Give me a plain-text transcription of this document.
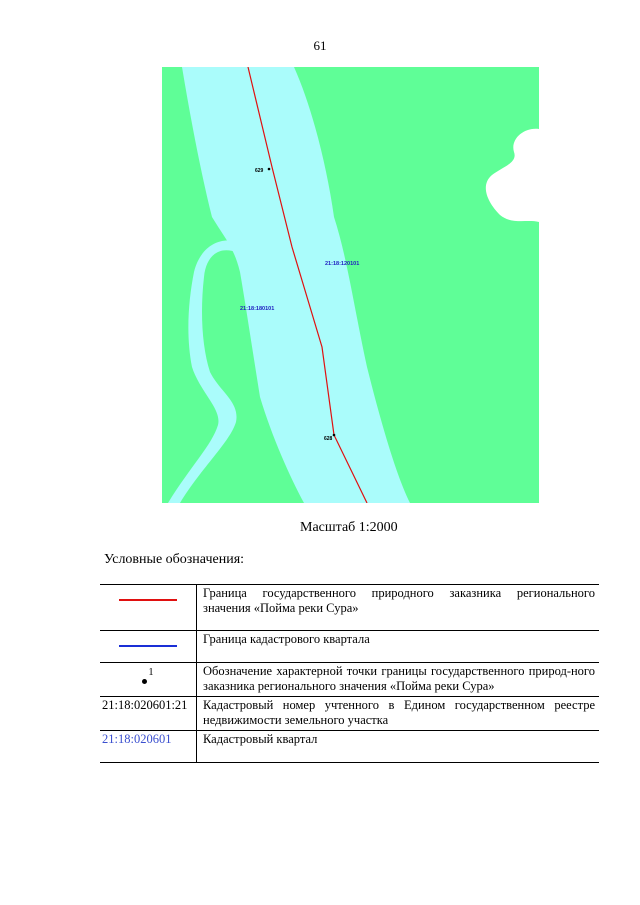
61
629
628
21:18:120101
21:18:180101
Масштаб 1:2000
Условные обозначения:
	Граница государственного природного заказника регионального значения «Пойма реки Сура»

	Граница кадастрового квартала
$^1$	Обозначение характерной точки границы государственного природ-ного заказника регионального значения «Пойма реки Сура»

21:18:020601:21	Кадастровый номер учтенного в Едином государственном реестре недвижимости земельного участка

21:18:020601	Кадастровый квартал
